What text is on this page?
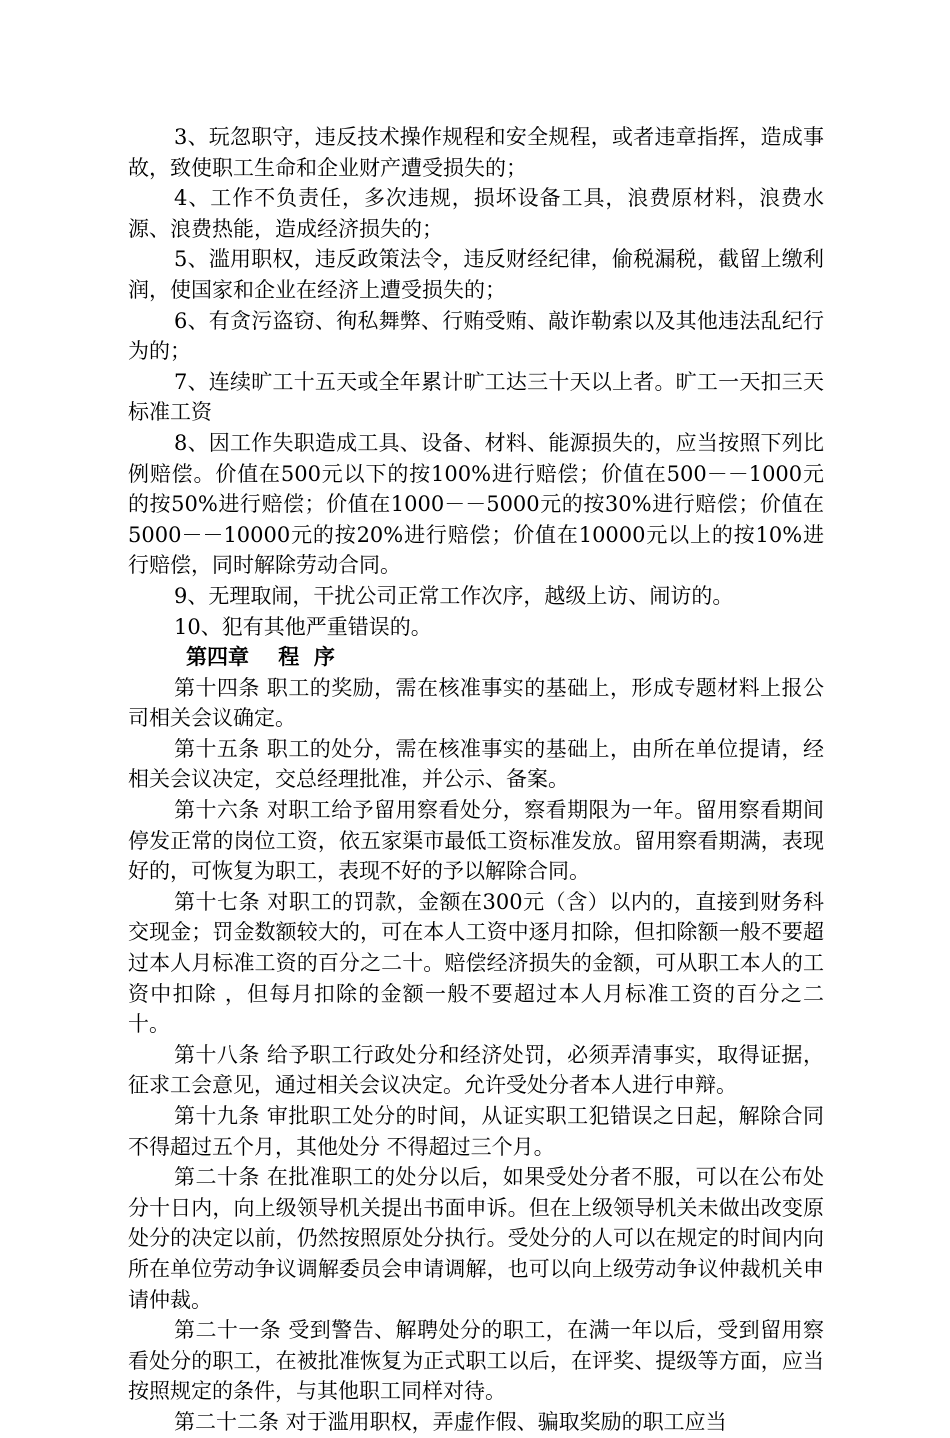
3、玩忽职守，违反技术操作规程和安全规程，或者违章指挥，造成事故，致使职工生命和企业财产遭受损失的；

4、工作不负责任，多次违规，损坏设备工具，浪费原材料，浪费水源、浪费热能，造成经济损失的；

5、滥用职权，违反政策法令，违反财经纪律，偷税漏税，截留上缴利润，使国家和企业在经济上遭受损失的；

6、有贪污盗窃、徇私舞弊、行贿受贿、敲诈勒索以及其他违法乱纪行为的；

7、连续旷工十五天或全年累计旷工达三十天以上者。旷工一天扣三天标准工资

8、因工作失职造成工具、设备、材料、能源损失的，应当按照下列比例赔偿。价值在500元以下的按100%进行赔偿；价值在500－－1000元的按50%进行赔偿；价值在1000－－5000元的按30%进行赔偿；价值在5000－－10000元的按20%进行赔偿；价值在10000元以上的按10%进行赔偿，同时解除劳动合同。

9、无理取闹，干扰公司正常工作次序，越级上访、闹访的。

10、犯有其他严重错误的。

第四章    程  序

第十四条 职工的奖励，需在核准事实的基础上，形成专题材料上报公司相关会议确定。

第十五条 职工的处分，需在核准事实的基础上，由所在单位提请，经相关会议决定，交总经理批准，并公示、备案。

第十六条 对职工给予留用察看处分，察看期限为一年。留用察看期间停发正常的岗位工资，依五家渠市最低工资标准发放。留用察看期满，表现好的，可恢复为职工，表现不好的予以解除合同。

第十七条 对职工的罚款，金额在300元（含）以内的，直接到财务科交现金；罚金数额较大的，可在本人工资中逐月扣除，但扣除额一般不要超过本人月标准工资的百分之二十。赔偿经济损失的金额，可从职工本人的工资中扣除 ，但每月扣除的金额一般不要超过本人月标准工资的百分之二十。

第十八条 给予职工行政处分和经济处罚，必须弄清事实，取得证据，征求工会意见，通过相关会议决定。允许受处分者本人进行申辩。

第十九条 审批职工处分的时间，从证实职工犯错误之日起，解除合同不得超过五个月，其他处分 不得超过三个月。

第二十条 在批准职工的处分以后，如果受处分者不服，可以在公布处分十日内，向上级领导机关提出书面申诉。但在上级领导机关未做出改变原处分的决定以前，仍然按照原处分执行。受处分的人可以在规定的时间内向所在单位劳动争议调解委员会申请调解，也可以向上级劳动争议仲裁机关申请仲裁。

第二十一条 受到警告、解聘处分的职工，在满一年以后，受到留用察看处分的职工，在被批准恢复为正式职工以后，在评奖、提级等方面，应当按照规定的条件，与其他职工同样对待。

第二十二条 对于滥用职权，弄虚作假、骗取奖励的职工应当
